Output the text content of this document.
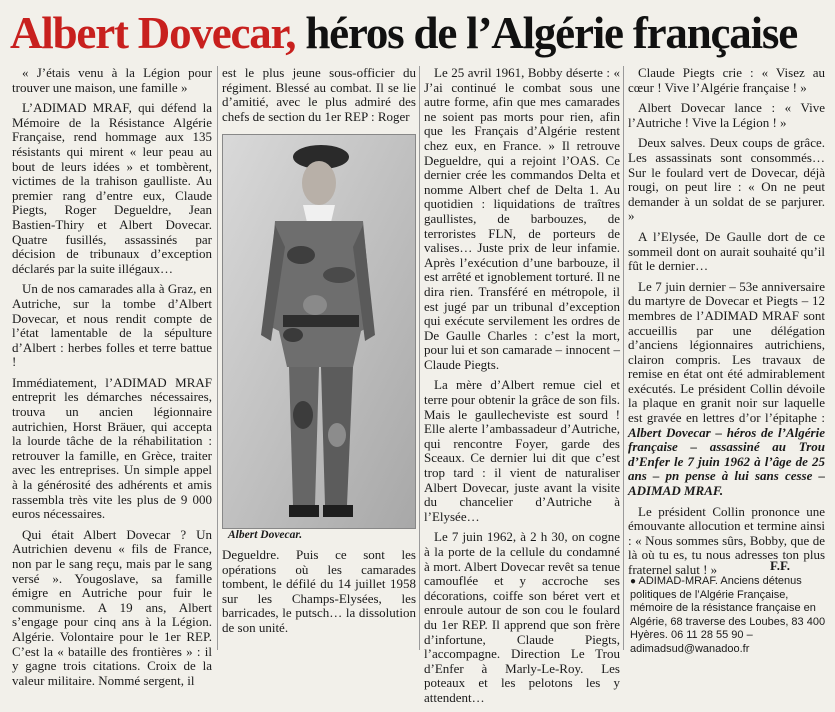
Albert Dovecar, héros de l’Algérie française

« J’étais venu à la Légion pour trouver une maison, une famille »

L’ADIMAD MRAF, qui défend la Mémoire de la Résistance Algérie Française, rend hommage aux 135 résistants qui mirent « leur peau au bout de leurs idées » et tombèrent, victimes de la trahison gaulliste. Au premier rang d’entre eux, Claude Piegts, Roger Degueldre, Jean Bastien-Thiry et Albert Dovecar. Quatre fusillés, assassinés par décision de tribunaux d’exception déclarés par la suite illégaux…

Un de nos camarades alla à Graz, en Autriche, sur la tombe d’Albert Dovecar, et nous rendit compte de l’état lamentable de la sépulture d’Albert : herbes folles et terre battue !

Immédiatement, l’ADIMAD MRAF entreprit les démarches nécessaires, trouva un ancien légionnaire autrichien, Horst Bräuer, qui accepta la lourde tâche de la réhabilitation : retrouver la famille, en Grèce, traiter avec les entreprises. Un simple appel à la générosité des adhérents et amis rassembla très vite les plus de 9 000 euros nécessaires.

Qui était Albert Dovecar ? Un Autrichien devenu « fils de France, non par le sang reçu, mais par le sang versé ». Yougoslave, sa famille émigre en Autriche pour fuir le communisme. A 19 ans, Albert s’engage pour cinq ans à la Légion. Algérie. Volontaire pour le 1er REP. C’est la « bataille des frontières » : il y gagne trois citations. Croix de la valeur militaire. Nommé sergent, il

est le plus jeune sous-officier du régiment. Blessé au combat. Il se lie d’amitié, avec le plus admiré des chefs de section du 1er REP : Roger

Albert Dovecar.

Degueldre. Puis ce sont les opérations où les camarades tombent, le défilé du 14 juillet 1958 sur les Champs-Elysées, les barricades, le putsch… la dissolution de son unité.

Le 25 avril 1961, Bobby déserte : « J’ai continué le combat sous une autre forme, afin que mes camarades ne soient pas morts pour rien, afin que les Français d’Algérie restent chez eux, en France. » Il retrouve Degueldre, qui a rejoint l’OAS. Ce dernier crée les commandos Delta et nomme Albert chef de Delta 1. Au quotidien : liquidations de traîtres gaullistes, de barbouzes, de terroristes FLN, de porteurs de valises… Juste prix de leur infamie. Après l’exécution d’une barbouze, il est arrêté et ignoblement torturé. Il ne dira rien. Transféré en métropole, il est jugé par un tribunal d’exception qui exécute servilement les ordres de De Gaulle Charles : c’est la mort, pour lui et son camarade – innocent – Claude Piegts.

La mère d’Albert remue ciel et terre pour obtenir la grâce de son fils. Mais le gaullecheviste est sourd ! Elle alerte l’ambassadeur d’Autriche, qui rencontre Foyer, garde des Sceaux. Ce dernier lui dit que c’est trop tard : il vient de naturaliser Albert Dovecar, juste avant la visite du chancelier d’Autriche à l’Elysée…

Le 7 juin 1962, à 2 h 30, on cogne à la porte de la cellule du condamné à mort. Albert Dovecar revêt sa tenue camouflée et y accroche ses décorations, coiffe son béret vert et enroule autour de son cou le foulard du 1er REP. Il apprend que son frère d’infortune, Claude Piegts, l’accompagne. Direction Le Trou d’Enfer à Marly-Le-Roy. Les poteaux et les pelotons les y attendent…

Claude Piegts crie : « Visez au cœur ! Vive l’Algérie française ! »

Albert Dovecar lance : « Vive l’Autriche ! Vive la Légion ! »

Deux salves. Deux coups de grâce. Les assassinats sont consommés… Sur le foulard vert de Dovecar, déjà rougi, on peut lire : « On ne peut demander à un soldat de se parjurer. »

A l’Elysée, De Gaulle dort de ce sommeil dont on aurait souhaité qu’il fût le dernier…

Le 7 juin dernier – 53e anniversaire du martyre de Dovecar et Piegts – 12 membres de l’ADIMAD MRAF sont accueillis par une délégation d’anciens légionnaires autrichiens, clairon compris. Les travaux de remise en état ont été admirablement exécutés. Le président Collin dévoile la plaque en granit noir sur laquelle est gravée en lettres d’or l’épitaphe : Albert Dovecar – héros de l’Algérie française – assassiné au Trou d’Enfer le 7 juin 1962 à l’âge de 25 ans – pn pense à lui sans cesse – ADIMAD MRAF.

Le président Collin prononce une émouvante allocution et termine ainsi : « Nous sommes sûrs, Bobby, que de là où tu es, tu nous adresses ton plus fraternel salut ! »	F.F.
● ADIMAD-MRAF. Anciens détenus politiques de l’Algérie Française, mémoire de la résistance française en Algérie, 68 traverse des Loubes, 83 400 Hyères. 06 11 28 55 90 – adimadsud@wanadoo.fr
